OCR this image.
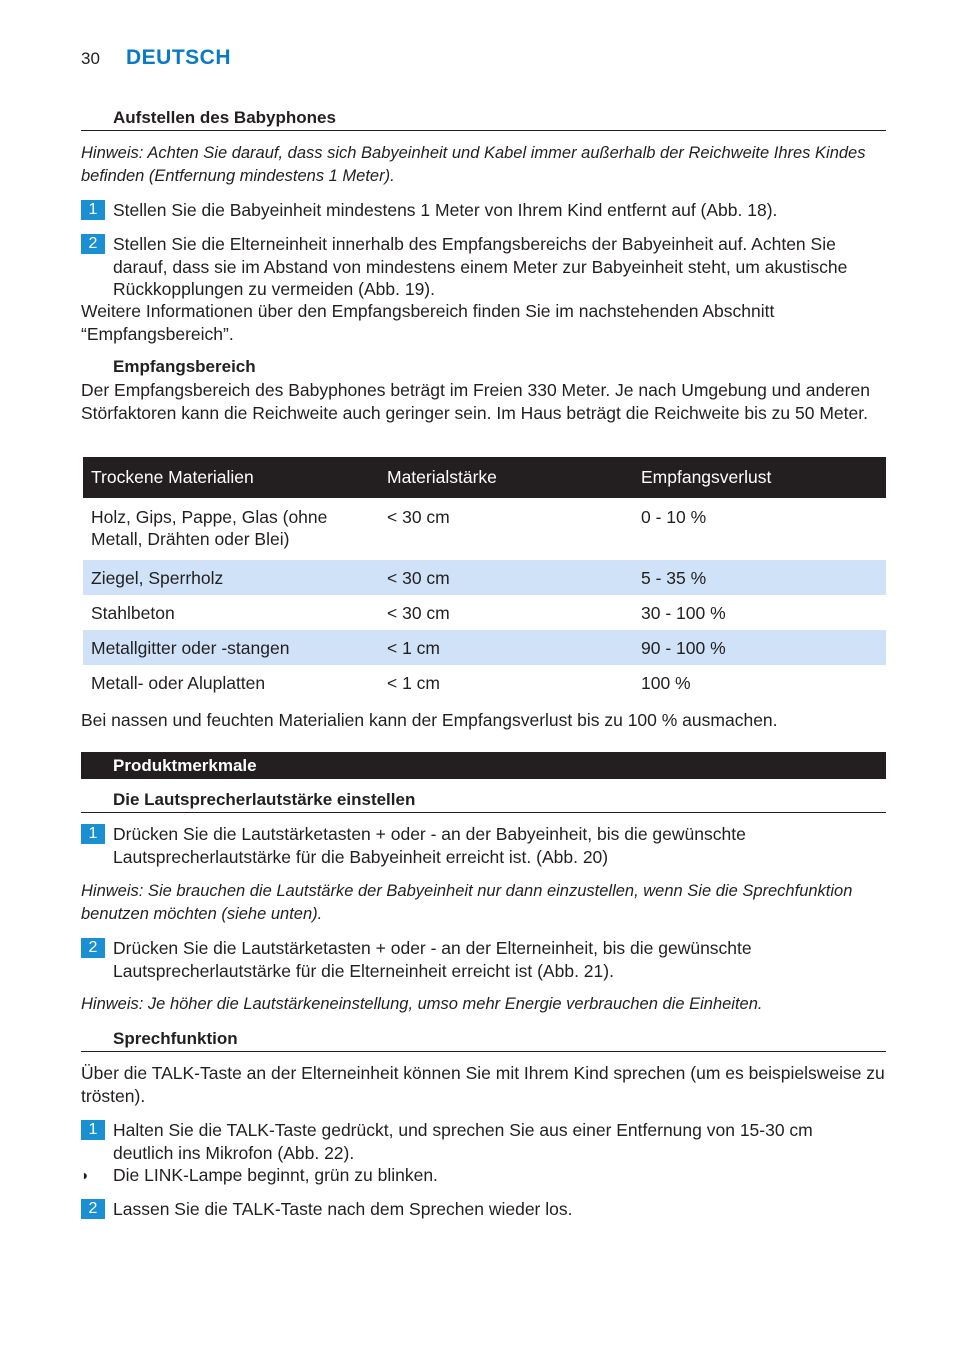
30 DEUTSCH
Aufstellen des Babyphones
Hinweis: Achten Sie darauf, dass sich Babyeinheit und Kabel immer außerhalb der Reichweite Ihres Kindes befinden (Entfernung mindestens 1 Meter).
1 Stellen Sie die Babyeinheit mindestens 1 Meter von Ihrem Kind entfernt auf (Abb. 18).
2 Stellen Sie die Elterneinheit innerhalb des Empfangsbereichs der Babyeinheit auf. Achten Sie darauf, dass sie im Abstand von mindestens einem Meter zur Babyeinheit steht, um akustische Rückkopplungen zu vermeiden (Abb. 19).
Weitere Informationen über den Empfangsbereich finden Sie im nachstehenden Abschnitt “Empfangsbereich”.
Empfangsbereich
Der Empfangsbereich des Babyphones beträgt im Freien 330 Meter. Je nach Umgebung und anderen Störfaktoren kann die Reichweite auch geringer sein. Im Haus beträgt die Reichweite bis zu 50 Meter.
Trockene Materialien	Materialstärke	Empfangsverlust
Holz, Gips, Pappe, Glas (ohne Metall, Drähten oder Blei)	< 30 cm	0 - 10 %
Ziegel, Sperrholz	< 30 cm	5 - 35 %
Stahlbeton	< 30 cm	30 - 100 %
Metallgitter oder -stangen	< 1 cm	90 - 100 %
Metall- oder Aluplatten	< 1 cm	100 %
Bei nassen und feuchten Materialien kann der Empfangsverlust bis zu 100 % ausmachen.
Produktmerkmale
Die Lautsprecherlautstärke einstellen
1 Drücken Sie die Lautstärketasten + oder - an der Babyeinheit, bis die gewünschte Lautsprecherlautstärke für die Babyeinheit erreicht ist. (Abb. 20)
Hinweis: Sie brauchen die Lautstärke der Babyeinheit nur dann einzustellen, wenn Sie die Sprechfunktion benutzen möchten (siehe unten).
2 Drücken Sie die Lautstärketasten + oder - an der Elterneinheit, bis die gewünschte Lautsprecherlautstärke für die Elterneinheit erreicht ist (Abb. 21).
Hinweis: Je höher die Lautstärkeneinstellung, umso mehr Energie verbrauchen die Einheiten.
Sprechfunktion
Über die TALK-Taste an der Elterneinheit können Sie mit Ihrem Kind sprechen (um es beispielsweise zu trösten).
1 Halten Sie die TALK-Taste gedrückt, und sprechen Sie aus einer Entfernung von 15-30 cm deutlich ins Mikrofon (Abb. 22).
◗ Die LINK-Lampe beginnt, grün zu blinken.
2 Lassen Sie die TALK-Taste nach dem Sprechen wieder los.
